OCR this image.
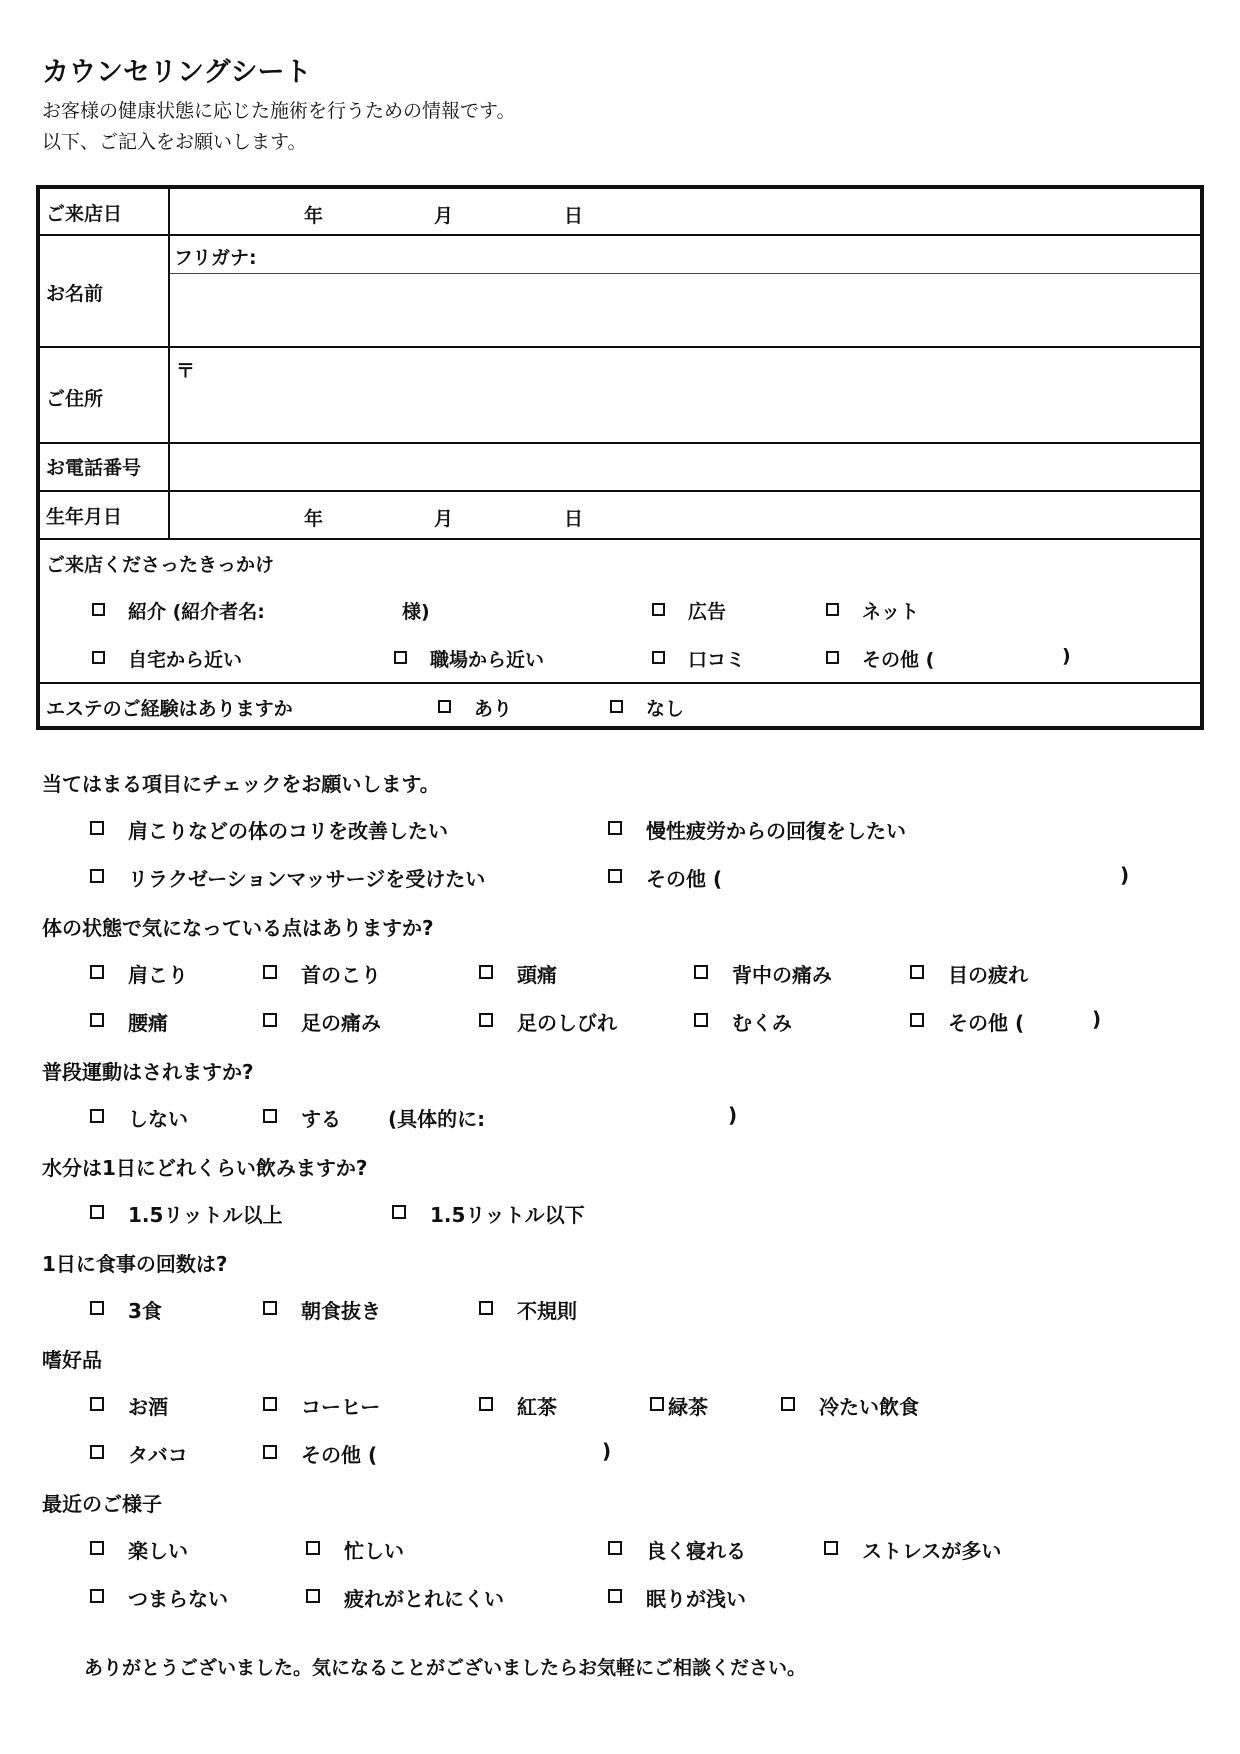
カウンセリングシート
お客様の健康状態に応じた施術を行うための情報です。
以下、ご記入をお願いします。
ご来店日	年	月	日
お名前
フリガナ:
ご住所
〒
お電話番号
生年月日	年	月	日
ご来店くださったきっかけ
紹介 (紹介者名:	様)	広告	ネット
自宅から近い	職場から近い	口コミ	その他 (	)
エステのご経験はありますか	あり	なし
当てはまる項目にチェックをお願いします。
肩こりなどの体のコリを改善したい	慢性疲労からの回復をしたい
リラクゼーションマッサージを受けたい	その他 (	)
体の状態で気になっている点はありますか?
肩こり	首のこり	頭痛	背中の痛み	目の疲れ
腰痛	足の痛み	足のしびれ	むくみ	その他 (	)
普段運動はされますか?
しない	する (具体的に:	)
水分は1日にどれくらい飲みますか?
1.5リットル以上	1.5リットル以下
1日に食事の回数は?
3食	朝食抜き	不規則
嗜好品
お酒	コーヒー	紅茶	緑茶	冷たい飲食
タバコ	その他 (	)
最近のご様子
楽しい	忙しい	良く寝れる	ストレスが多い
つまらない	疲れがとれにくい	眠りが浅い
ありがとうございました。気になることがございましたらお気軽にご相談ください。
